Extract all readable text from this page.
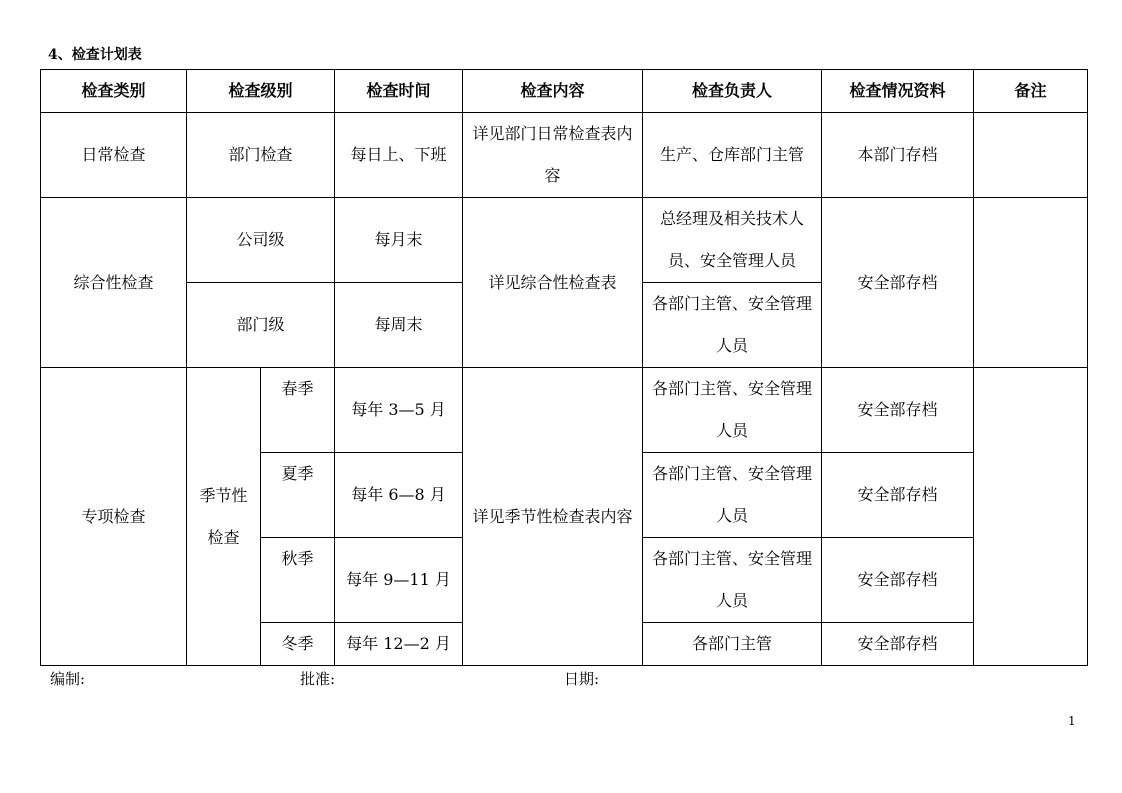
4、检查计划表
检查类别	检查级别		检查时间	检查内容	检查负责人	检查情况资料	备注
日常检查	部门检查		每日上、下班	详见部门日常检查表内容	生产、仓库部门主管	本部门存档	
综合性检查	公司级		每月末	详见综合性检查表	总经理及相关技术人员、安全管理人员	安全部存档	
	部门级		每周末		各部门主管、安全管理人员		
专项检查	季节性检查	春季	每年 3—5 月	详见季节性检查表内容	各部门主管、安全管理人员	安全部存档	
		夏季	每年 6—8 月		各部门主管、安全管理人员	安全部存档	
		秋季	每年 9—11 月		各部门主管、安全管理人员	安全部存档	
		冬季	每年 12—2 月		各部门主管	安全部存档	
编制:	批准:	日期:
1
